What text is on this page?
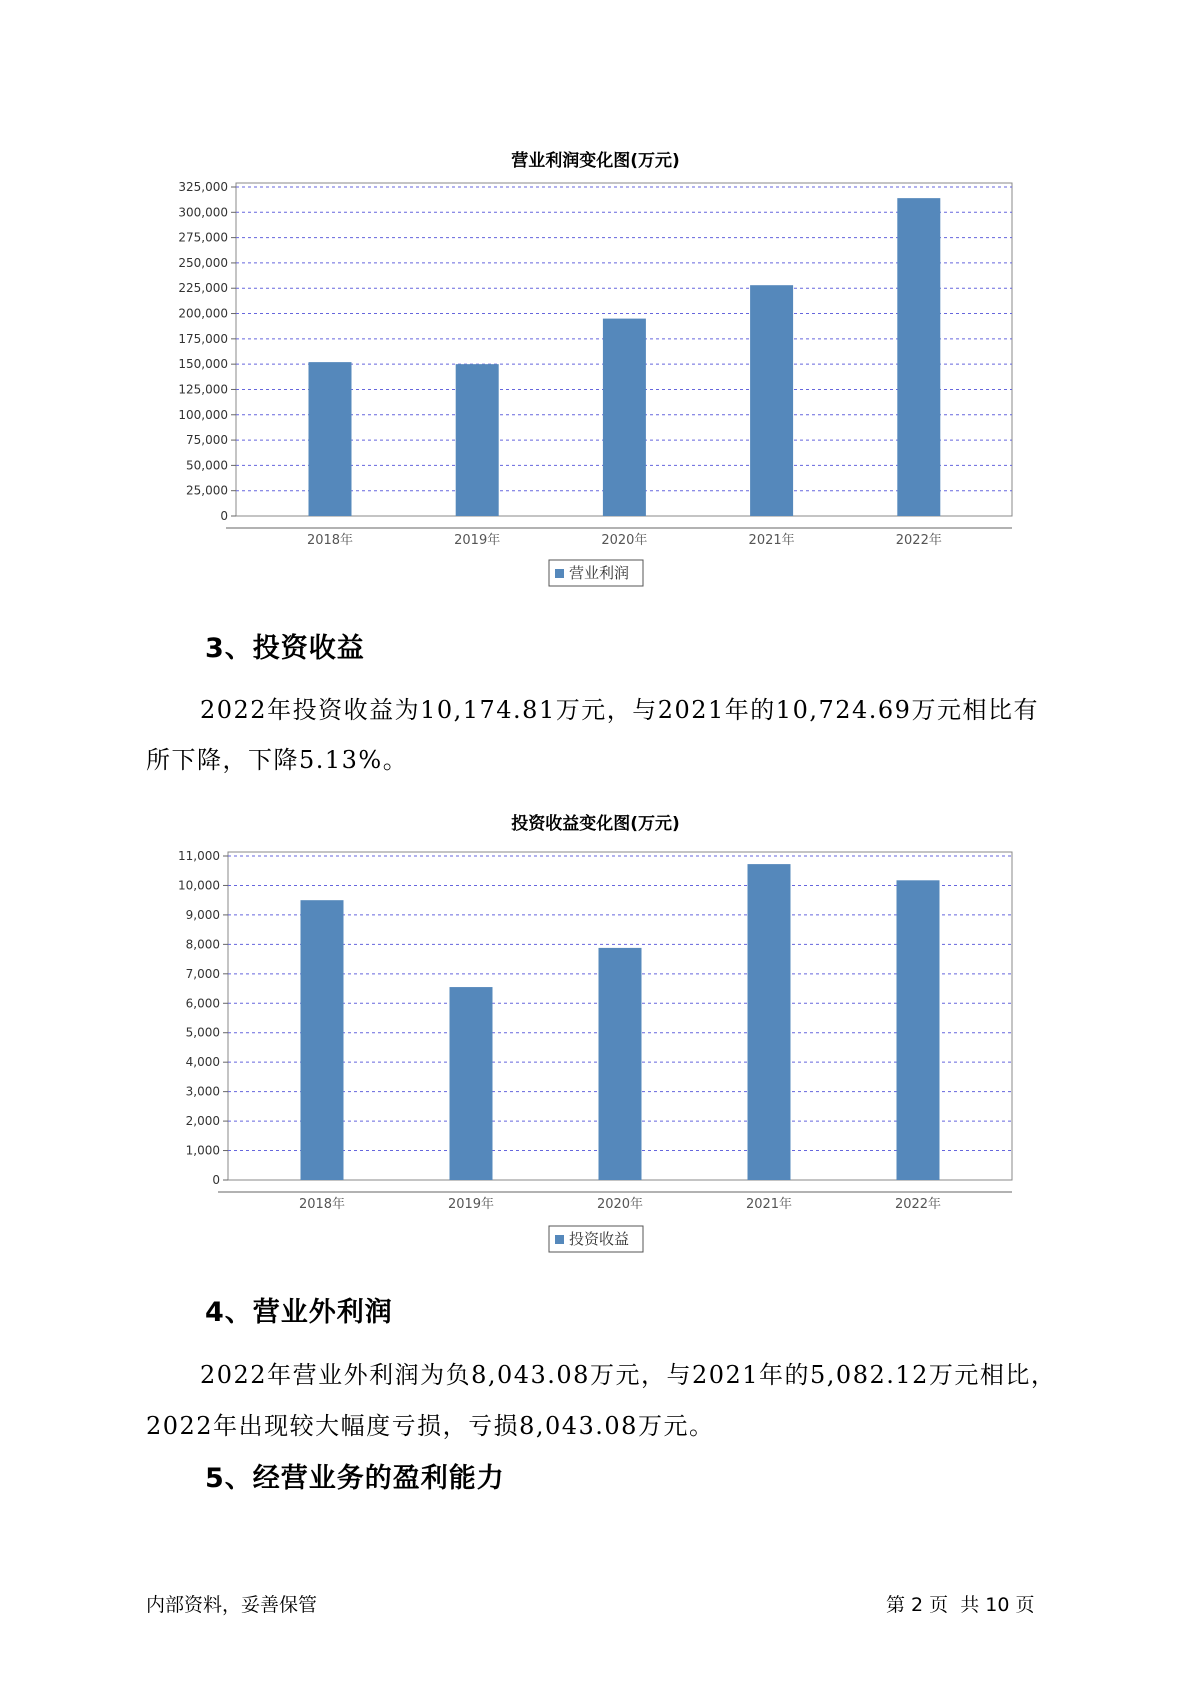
营业利润变化图(万元)
325,000
300,000
275,000
250,000
225,000
200,000
175,000
150,000
125,000
100,000
75,000
50,000
25,000
0
2018年	2019年	2020年	2021年	2022年
营业利润
3、投资收益
2022年投资收益为10,174.81万元，与2021年的10,724.69万元相比有
所下降，下降5.13%。
投资收益变化图(万元)
11,000
10,000
9,000
8,000
7,000
6,000
5,000
4,000
3,000
2,000
1,000
0
2018年	2019年	2020年	2021年	2022年
投资收益
4、营业外利润
2022年营业外利润为负8,043.08万元，与2021年的5,082.12万元相比，
2022年出现较大幅度亏损，亏损8,043.08万元。
5、经营业务的盈利能力
内部资料，妥善保管	第 2 页  共 10 页
